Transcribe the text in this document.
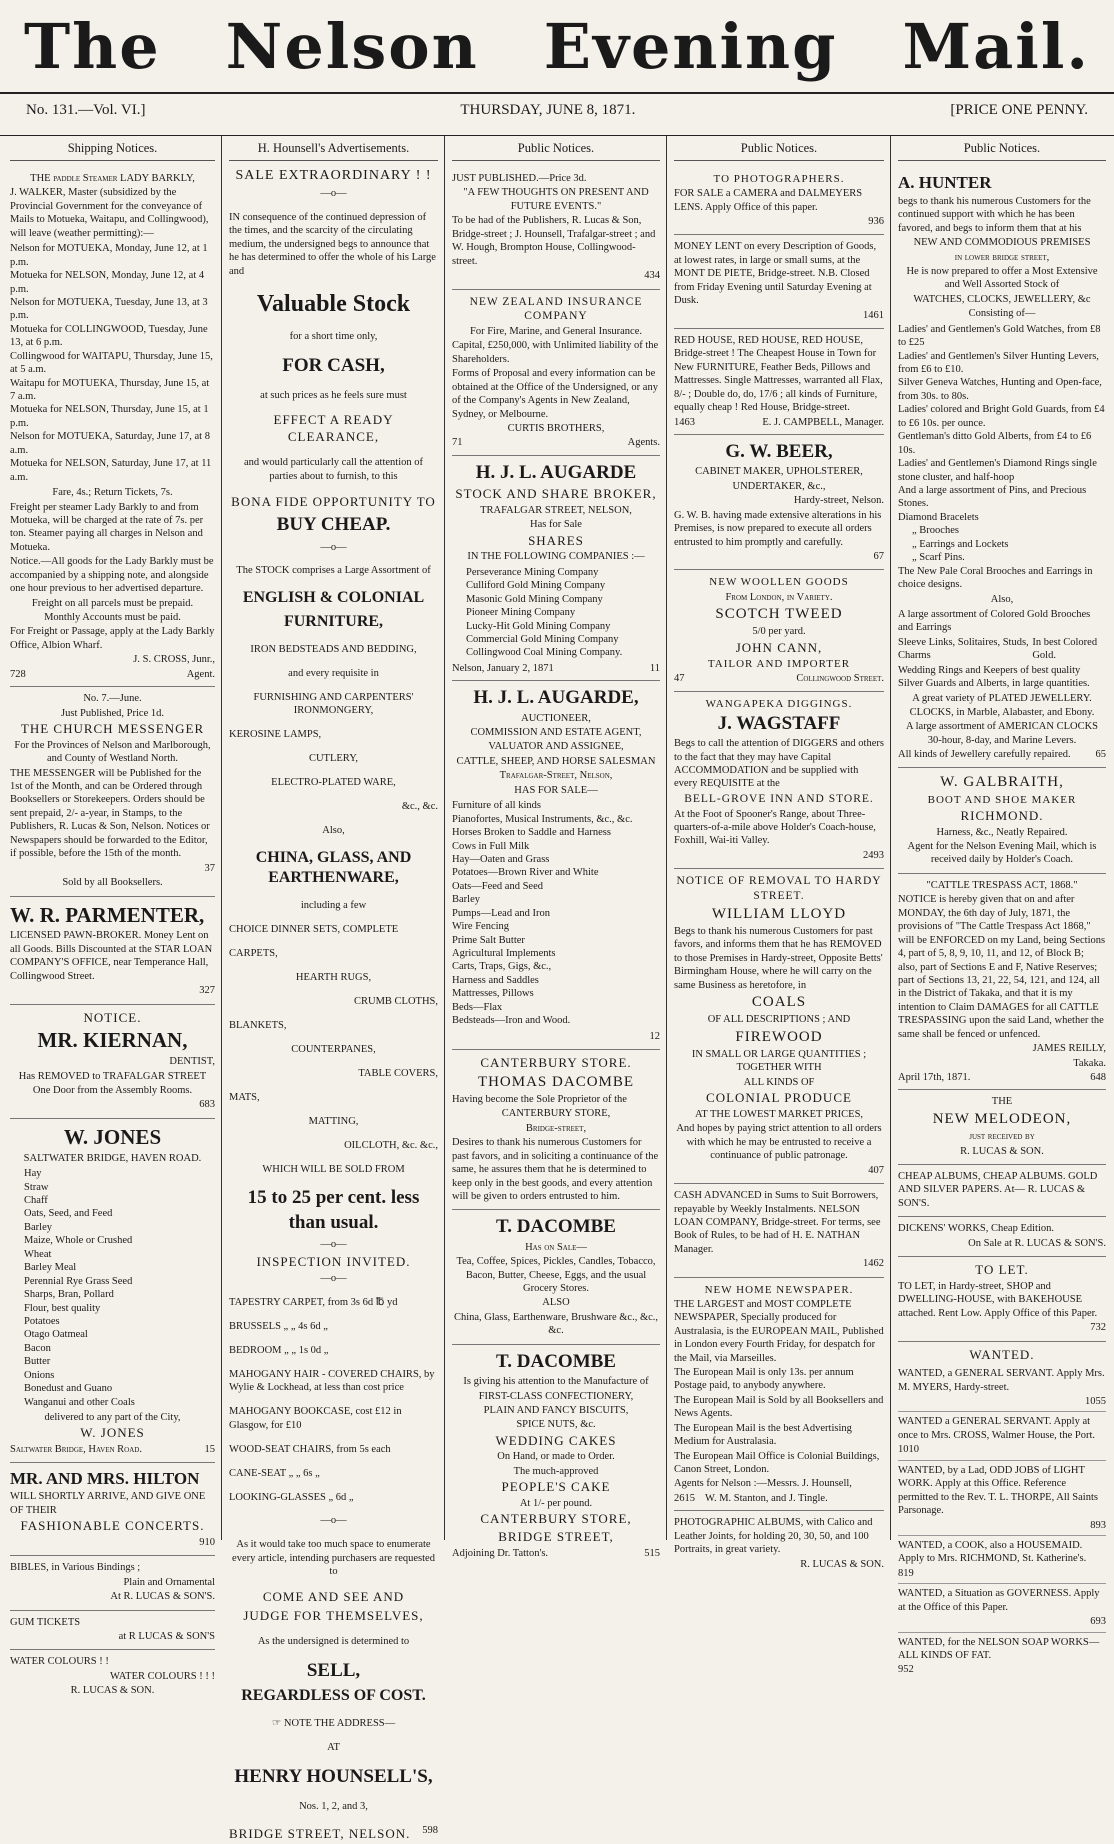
The Nelson Evening Mail.
No. 131.—Vol. VI.]	THURSDAY, JUNE 8, 1871.	[PRICE ONE PENNY.
Shipping Notices.

THE paddle Steamer LADY BARKLY,

J. WALKER, Master (subsidized by the Provincial Government for the conveyance of Mails to Motueka, Waitapu, and Collingwood), will leave (weather permitting):—

Nelson for MOTUEKA, Monday, June 12, at 1 p.m.
Motueka for NELSON, Monday, June 12, at 4 p.m.
Nelson for MOTUEKA, Tuesday, June 13, at 3 p.m.
Motueka for COLLINGWOOD, Tuesday, June 13, at 6 p.m.
Collingwood for WAITAPU, Thursday, June 15, at 5 a.m.
Waitapu for MOTUEKA, Thursday, June 15, at 7 a.m.
Motueka for NELSON, Thursday, June 15, at 1 p.m.
Nelson for MOTUEKA, Saturday, June 17, at 8 a.m.
Motueka for NELSON, Saturday, June 17, at 11 a.m.

Fare, 4s.; Return Tickets, 7s.

Freight per steamer Lady Barkly to and from Motueka, will be charged at the rate of 7s. per ton. Steamer paying all charges in Nelson and Motueka.

Notice.—All goods for the Lady Barkly must be accompanied by a shipping note, and alongside one hour previous to her advertised departure.

Freight on all parcels must be prepaid.

Monthly Accounts must be paid.

For Freight or Passage, apply at the Lady Barkly Office, Albion Wharf.

J. S. CROSS, Junr.,

728	Agent.

No. 7.—June.

Just Published, Price 1d.

THE CHURCH MESSENGER

For the Provinces of Nelson and Marlborough, and County of Westland North.

THE MESSENGER will be Published for the 1st of the Month, and can be Ordered through Booksellers or Storekeepers. Orders should be sent prepaid, 2/- a-year, in Stamps, to the Publishers, R. Lucas & Son, Nelson. Notices or Newspapers should be forwarded to the Editor, if possible, before the 15th of the month.

37

Sold by all Booksellers.

W. R. PARMENTER,

LICENSED PAWN-BROKER. Money Lent on all Goods. Bills Discounted at the STAR LOAN COMPANY'S OFFICE, near Temperance Hall, Collingwood Street.

327

NOTICE.

MR. KIERNAN,

DENTIST,

Has REMOVED to TRAFALGAR STREET

One Door from the Assembly Rooms.

683

W. JONES

SALTWATER BRIDGE, HAVEN ROAD.

Hay
Straw
Chaff
Oats, Seed, and Feed
Barley
Maize, Whole or Crushed
Wheat
Barley Meal
Perennial Rye Grass Seed
Sharps, Bran, Pollard
Flour, best quality
Potatoes
Otago Oatmeal
Bacon
Butter
Onions
Bonedust and Guano
Wanganui and other Coals

delivered to any part of the City,

W. JONES

Saltwater Bridge, Haven Road.	15

MR. AND MRS. HILTON

WILL SHORTLY ARRIVE, AND GIVE ONE OF THEIR

FASHIONABLE CONCERTS.

910

BIBLES, in Various Bindings ;

Plain and Ornamental

At R. LUCAS & SON'S.

GUM TICKETS

at R LUCAS & SON'S

WATER COLOURS ! !

WATER COLOURS ! ! !

R. LUCAS & SON.

H. Hounsell's Advertisements.

SALE EXTRAORDINARY ! !

—o—

IN consequence of the continued depression of the times, and the scarcity of the circulating medium, the undersigned begs to announce that he has determined to offer the whole of his Large and

Valuable Stock

for a short time only,

FOR CASH,

at such prices as he feels sure must

EFFECT A READY CLEARANCE,

and would particularly call the attention of parties about to furnish, to this

BONA FIDE OPPORTUNITY TO

BUY CHEAP.

—o—

The STOCK comprises a Large Assortment of

ENGLISH & COLONIAL

FURNITURE,

IRON BEDSTEADS AND BEDDING,

and every requisite in

FURNISHING AND CARPENTERS' IRONMONGERY,

KEROSINE LAMPS,

CUTLERY,

ELECTRO-PLATED WARE,

&c., &c.

Also,

CHINA, GLASS, AND EARTHENWARE,

including a few

CHOICE DINNER SETS, COMPLETE

CARPETS,

HEARTH RUGS,

CRUMB CLOTHS,

BLANKETS,

COUNTERPANES,

TABLE COVERS,

MATS,

MATTING,

OILCLOTH, &c. &c.,

WHICH WILL BE SOLD FROM

15 to 25 per cent. less than usual.

—o—

INSPECTION INVITED.

—o—

TAPESTRY CARPET, from 3s 6d ℔ yd

BRUSSELS „ „ 4s 6d „

BEDROOM „ „ 1s 0d „

MAHOGANY HAIR - COVERED CHAIRS, by Wylie & Lockhead, at less than cost price

MAHOGANY BOOKCASE, cost £12 in Glasgow, for £10

WOOD-SEAT CHAIRS, from 5s each

CANE-SEAT „ „ 6s „

LOOKING-GLASSES „ 6d „

—o—

As it would take too much space to enumerate every article, intending purchasers are requested to

COME AND SEE AND

JUDGE FOR THEMSELVES,

As the undersigned is determined to

SELL,

REGARDLESS OF COST.

☞ NOTE THE ADDRESS—

AT

HENRY HOUNSELL'S,

Nos. 1, 2, and 3,

BRIDGE STREET, NELSON. 598

Public Notices.

JUST PUBLISHED.—Price 3d.

"A FEW THOUGHTS ON PRESENT AND FUTURE EVENTS."

To be had of the Publishers, R. Lucas & Son, Bridge-street ; J. Hounsell, Trafalgar-street ; and W. Hough, Brompton House, Collingwood-street.

434

NEW ZEALAND INSURANCE COMPANY

For Fire, Marine, and General Insurance.

Capital, £250,000, with Unlimited liability of the Shareholders.

Forms of Proposal and every information can be obtained at the Office of the Undersigned, or any of the Company's Agents in New Zealand, Sydney, or Melbourne.

CURTIS BROTHERS,

71	Agents.

H. J. L. AUGARDE

STOCK AND SHARE BROKER,

TRAFALGAR STREET, NELSON,

Has for Sale

SHARES

IN THE FOLLOWING COMPANIES :—

Perseverance Mining Company
Culliford Gold Mining Company
Masonic Gold Mining Company
Pioneer Mining Company
Lucky-Hit Gold Mining Company
Commercial Gold Mining Company
Collingwood Coal Mining Company.

Nelson, January 2, 1871	11

H. J. L. AUGARDE,

AUCTIONEER,

COMMISSION AND ESTATE AGENT,

VALUATOR AND ASSIGNEE,

CATTLE, SHEEP, AND HORSE SALESMAN

Trafalgar-Street, Nelson,

HAS FOR SALE—

Furniture of all kinds
Pianofortes, Musical Instruments, &c., &c.
Horses Broken to Saddle and Harness
Cows in Full Milk
Hay—Oaten and Grass
Potatoes—Brown River and White
Oats—Feed and Seed
Barley
Pumps—Lead and Iron
Wire Fencing
Prime Salt Butter
Agricultural Implements
Carts, Traps, Gigs, &c.,
Harness and Saddles
Mattresses, Pillows
Beds—Flax
Bedsteads—Iron and Wood.

12

CANTERBURY STORE.

THOMAS DACOMBE

Having become the Sole Proprietor of the

CANTERBURY STORE,

Bridge-street,

Desires to thank his numerous Customers for past favors, and in soliciting a continuance of the same, he assures them that he is determined to keep only in the best goods, and every attention will be given to orders entrusted to him.

T. DACOMBE

Has on Sale—

Tea, Coffee, Spices, Pickles, Candles, Tobacco, Bacon, Butter, Cheese, Eggs, and the usual Grocery Stores.

ALSO

China, Glass, Earthenware, Brushware &c., &c., &c.

T. DACOMBE

Is giving his attention to the Manufacture of

FIRST-CLASS CONFECTIONERY,

PLAIN AND FANCY BISCUITS,

SPICE NUTS, &c.

WEDDING CAKES

On Hand, or made to Order.

The much-approved

PEOPLE'S CAKE

At 1/- per pound.

CANTERBURY STORE,

BRIDGE STREET,

Adjoining Dr. Tatton's.	515

Public Notices.

TO PHOTOGRAPHERS.

FOR SALE a CAMERA and DALMEYERS LENS. Apply Office of this paper.

936

MONEY LENT on every Description of Goods, at lowest rates, in large or small sums, at the MONT DE PIETE, Bridge-street. N.B. Closed from Friday Evening until Saturday Evening at Dusk.

1461

RED HOUSE, RED HOUSE, RED HOUSE, Bridge-street ! The Cheapest House in Town for New FURNITURE, Feather Beds, Pillows and Mattresses. Single Mattresses, warranted all Flax, 8/- ; Double do, do, 17/6 ; all kinds of Furniture, equally cheap ! Red House, Bridge-street.

1463	E. J. CAMPBELL, Manager.

G. W. BEER,

CABINET MAKER, UPHOLSTERER,

UNDERTAKER, &c.,

Hardy-street, Nelson.

G. W. B. having made extensive alterations in his Premises, is now prepared to execute all orders entrusted to him promptly and carefully.

67

NEW WOOLLEN GOODS

From London, in Variety.

SCOTCH TWEED

5/0 per yard.

JOHN CANN,

TAILOR AND IMPORTER

47	Collingwood Street.

WANGAPEKA DIGGINGS.

J. WAGSTAFF

Begs to call the attention of DIGGERS and others to the fact that they may have Capital ACCOMMODATION and be supplied with every REQUISITE at the

BELL-GROVE INN AND STORE.

At the Foot of Spooner's Range, about Three-quarters-of-a-mile above Holder's Coach-house, Foxhill, Wai-iti Valley.

2493

NOTICE OF REMOVAL TO HARDY STREET.

WILLIAM LLOYD

Begs to thank his numerous Customers for past favors, and informs them that he has REMOVED to those Premises in Hardy-street, Opposite Betts' Birmingham House, where he will carry on the same Business as heretofore, in

COALS

OF ALL DESCRIPTIONS ; AND

FIREWOOD

IN SMALL OR LARGE QUANTITIES ; TOGETHER WITH

ALL KINDS OF

COLONIAL PRODUCE

AT THE LOWEST MARKET PRICES,

And hopes by paying strict attention to all orders with which he may be entrusted to receive a continuance of public patronage.

407

CASH ADVANCED in Sums to Suit Borrowers, repayable by Weekly Instalments. NELSON LOAN COMPANY, Bridge-street. For terms, see Book of Rules, to be had of H. E. NATHAN Manager.

1462

NEW HOME NEWSPAPER.

THE LARGEST and MOST COMPLETE NEWSPAPER, Specially produced for Australasia, is the EUROPEAN MAIL, Published in London every Fourth Friday, for despatch for the Mail, via Marseilles.

The European Mail is only 13s. per annum Postage paid, to anybody anywhere.

The European Mail is Sold by all Booksellers and News Agents.

The European Mail is the best Advertising Medium for Australasia.

The European Mail Office is Colonial Buildings, Canon Street, London.

Agents for Nelson :—Messrs. J. Hounsell,

2615 W. M. Stanton, and J. Tingle.

PHOTOGRAPHIC ALBUMS, with Calico and Leather Joints, for holding 20, 30, 50, and 100 Portraits, in great variety.

R. LUCAS & SON.

Public Notices.

A. HUNTER

begs to thank his numerous Customers for the continued support with which he has been favored, and begs to inform them that at his

NEW AND COMMODIOUS PREMISES

in lower bridge street,

He is now prepared to offer a Most Extensive and Well Assorted Stock of

WATCHES, CLOCKS, JEWELLERY, &c

Consisting of—

Ladies' and Gentlemen's Gold Watches, from £8 to £25
Ladies' and Gentlemen's Silver Hunting Levers, from £6 to £10.
Silver Geneva Watches, Hunting and Open-face, from 30s. to 80s.
Ladies' colored and Bright Gold Guards, from £4 to £6 10s. per ounce.
Gentleman's ditto Gold Alberts, from £4 to £6 10s.
Ladies' and Gentlemen's Diamond Rings single stone cluster, and half-hoop
And a large assortment of Pins, and Precious Stones.
Diamond Bracelets
„ Brooches
„ Earrings and Lockets
„ Scarf Pins.
The New Pale Coral Brooches and Earrings in choice designs.

Also,

A large assortment of Colored Gold Brooches and Earrings

Sleeve Links, Solitaires, Studs, Charms
In best Colored Gold.

Wedding Rings and Keepers of best quality Silver Guards and Alberts, in large quantities.

A great variety of PLATED JEWELLERY.

CLOCKS, in Marble, Alabaster, and Ebony.

A large assortment of AMERICAN CLOCKS 30-hour, 8-day, and Marine Levers.

All kinds of Jewellery carefully repaired. 65

W. GALBRAITH,

BOOT AND SHOE MAKER

RICHMOND.

Harness, &c., Neatly Repaired.

Agent for the Nelson Evening Mail, which is received daily by Holder's Coach.

"CATTLE TRESPASS ACT, 1868."

NOTICE is hereby given that on and after MONDAY, the 6th day of July, 1871, the provisions of "The Cattle Trespass Act 1868," will be ENFORCED on my Land, being Sections 4, part of 5, 8, 9, 10, 11, and 12, of Block B; also, part of Sections E and F, Native Reserves; part of Sections 13, 21, 22, 54, 121, and 124, all in the District of Takaka, and that it is my intention to Claim DAMAGES for all CATTLE TRESPASSING upon the said Land, whether the same shall be fenced or unfenced.

JAMES REILLY,

Takaka.

April 17th, 1871.	648

THE

NEW MELODEON,

just received by

R. LUCAS & SON.

CHEAP ALBUMS, CHEAP ALBUMS. GOLD AND SILVER PAPERS. At— R. LUCAS & SON'S.

DICKENS' WORKS, Cheap Edition.

On Sale at R. LUCAS & SON'S.

TO LET.

TO LET, in Hardy-street, SHOP and DWELLING-HOUSE, with BAKEHOUSE attached. Rent Low. Apply Office of this Paper.

732

WANTED.

WANTED, a GENERAL SERVANT. Apply Mrs. M. MYERS, Hardy-street.

1055

WANTED a GENERAL SERVANT. Apply at once to Mrs. CROSS, Walmer House, the Port.

1010

WANTED, by a Lad, ODD JOBS of LIGHT WORK. Apply at this Office. Reference permitted to the Rev. T. L. THORPE, All Saints Parsonage.

893

WANTED, a COOK, also a HOUSEMAID. Apply to Mrs. RICHMOND, St. Katherine's.

819

WANTED, a Situation as GOVERNESS. Apply at the Office of this Paper.

693

WANTED, for the NELSON SOAP WORKS—ALL KINDS OF FAT.

952
